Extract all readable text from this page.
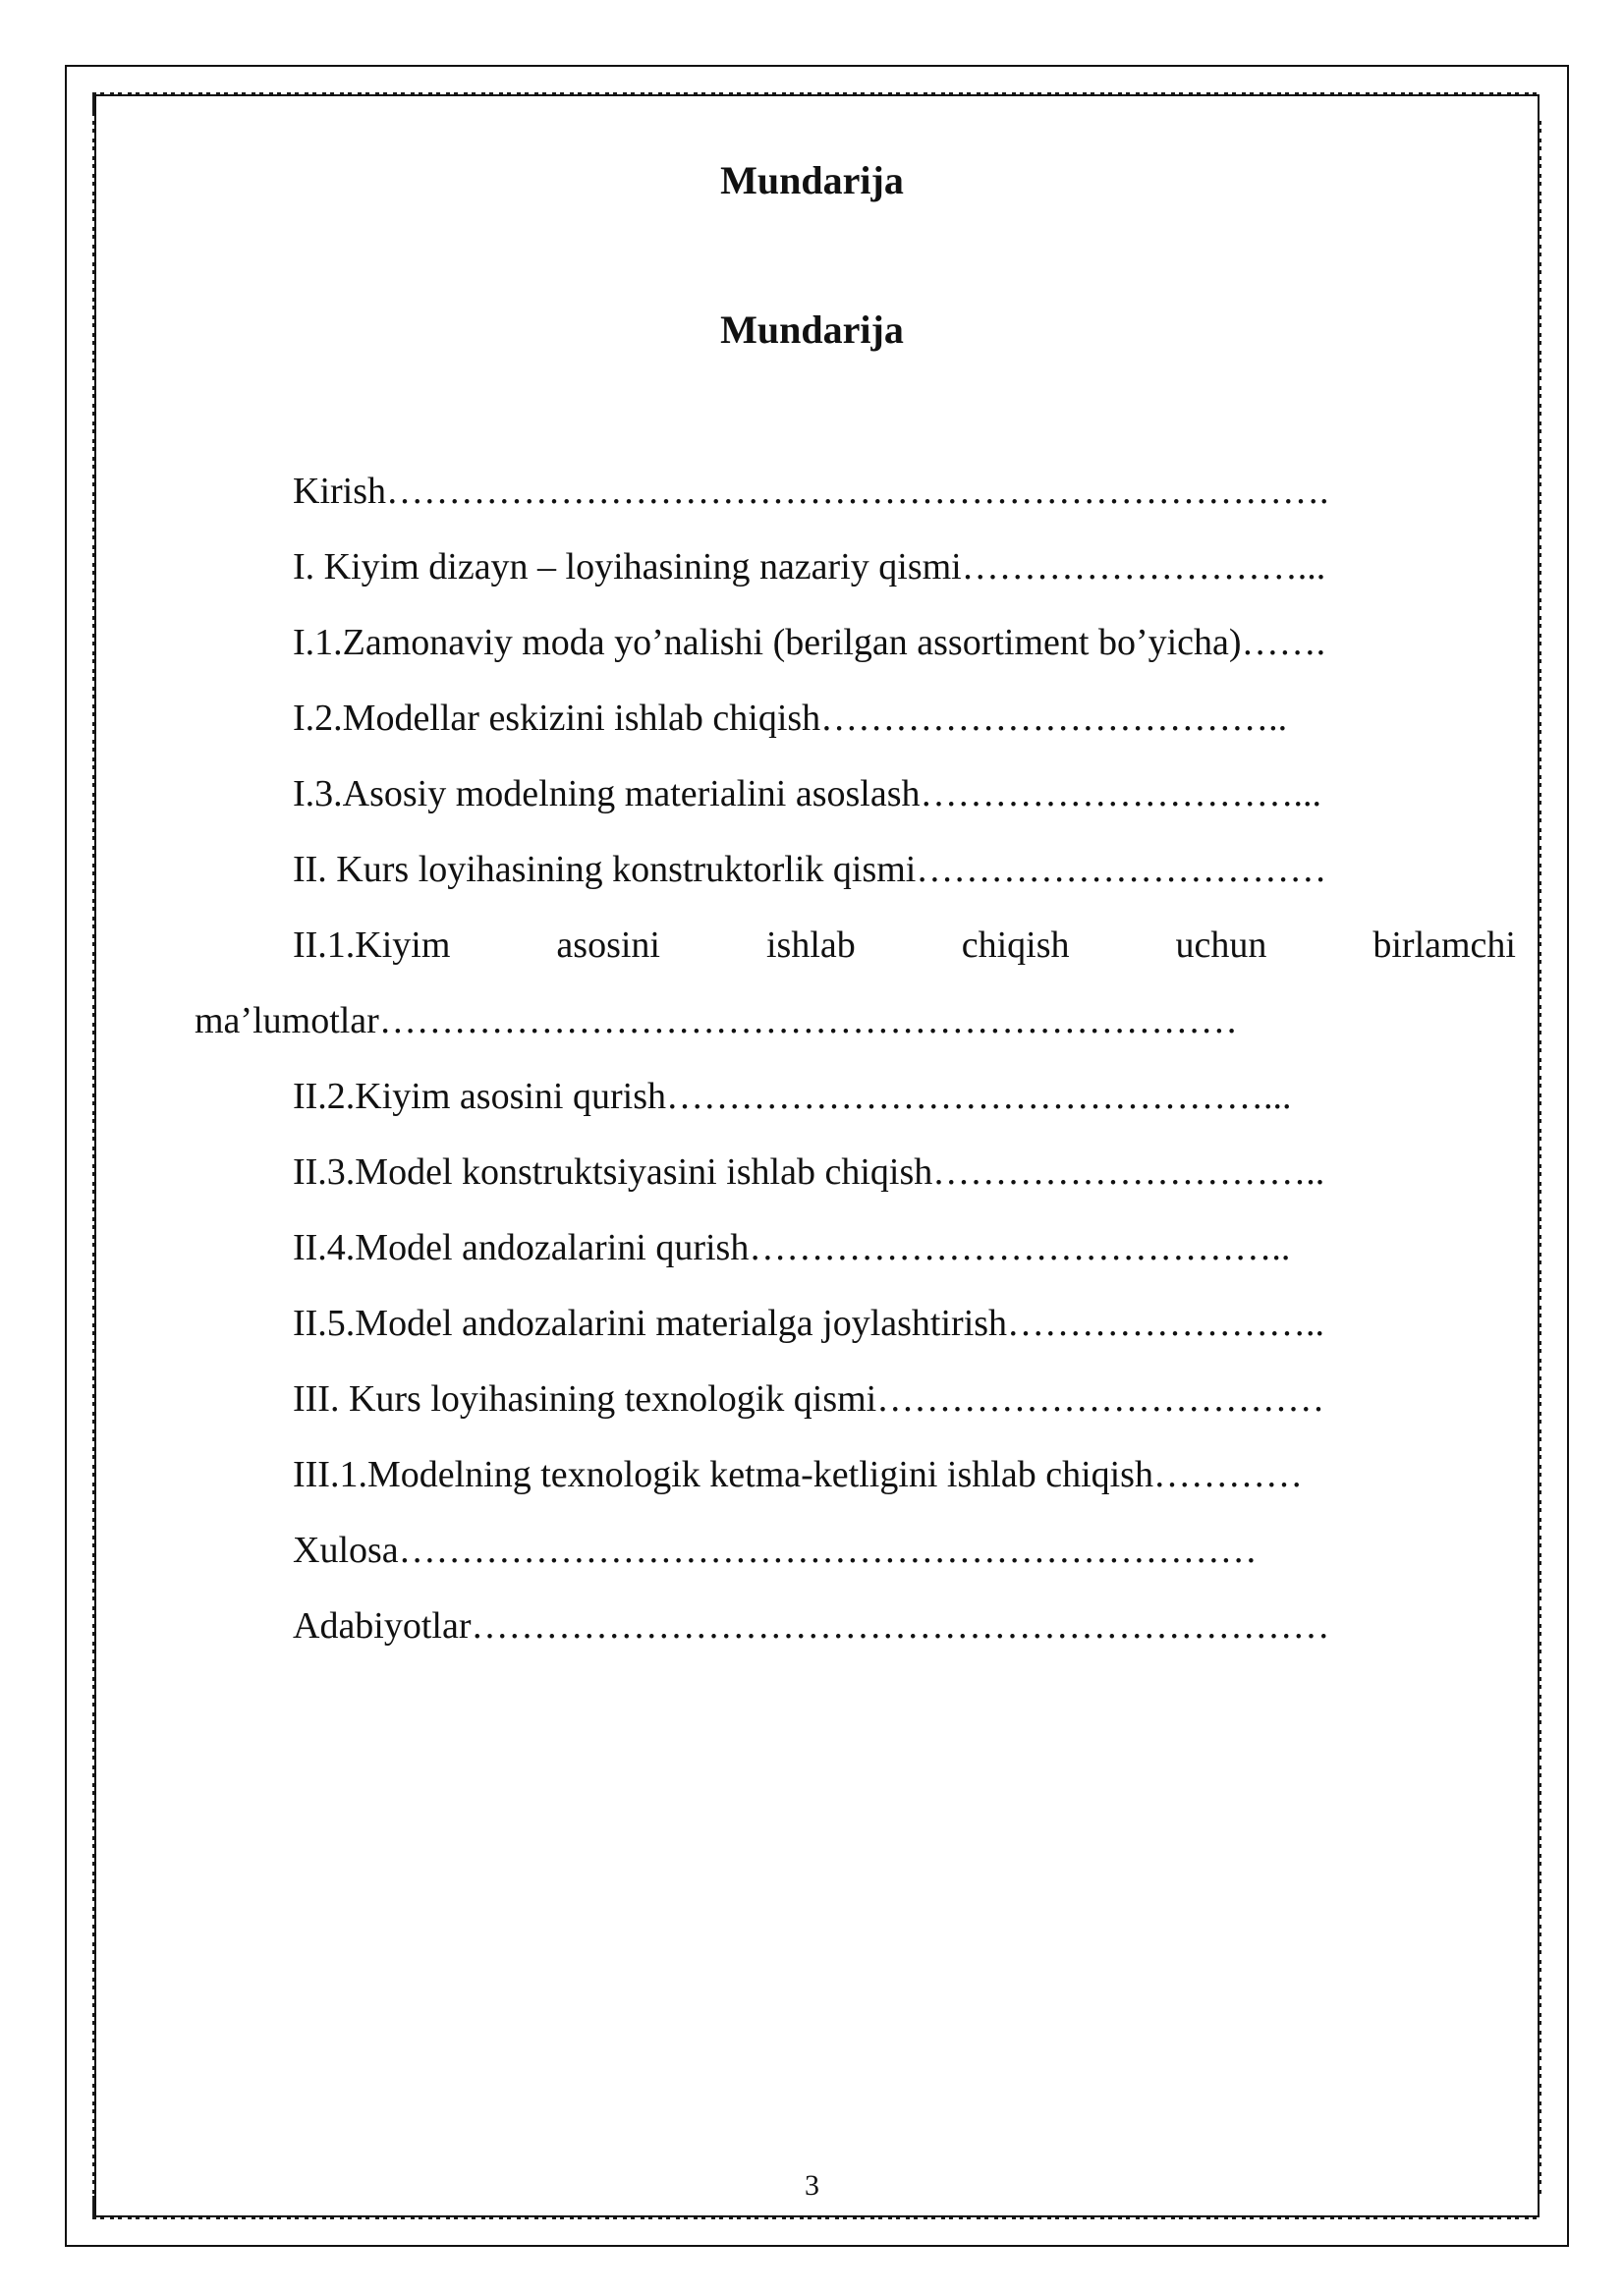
Mundarija
Mundarija
Kirish………………………………………………………………….
I. Kiyim dizayn – loyihasining nazariy qismi………………………...
I.1.Zamonaviy moda yo’nalishi (berilgan assortiment bo’yicha)…….
I.2.Modellar eskizini ishlab chiqish………………………………..
I.3.Asosiy modelning materialini asoslash…………………………...
II. Kurs loyihasining konstruktorlik qismi……………………………
II.1.Kiyim	asosini	ishlab	chiqish	uchun	birlamchi
ma’lumotlar……………………………………………………………
II.2.Kiyim asosini qurish…………………………………………...
II.3.Model konstruktsiyasini ishlab chiqish…………………………..
II.4.Model andozalarini qurish……………………………………..
II.5.Model andozalarini materialga joylashtirish……………………..
III. Kurs loyihasining texnologik qismi………………………………
III.1.Modelning texnologik ketma-ketligini ishlab chiqish…………
Xulosa……………………………………………………………
Adabiyotlar……………………………………………………………
3
